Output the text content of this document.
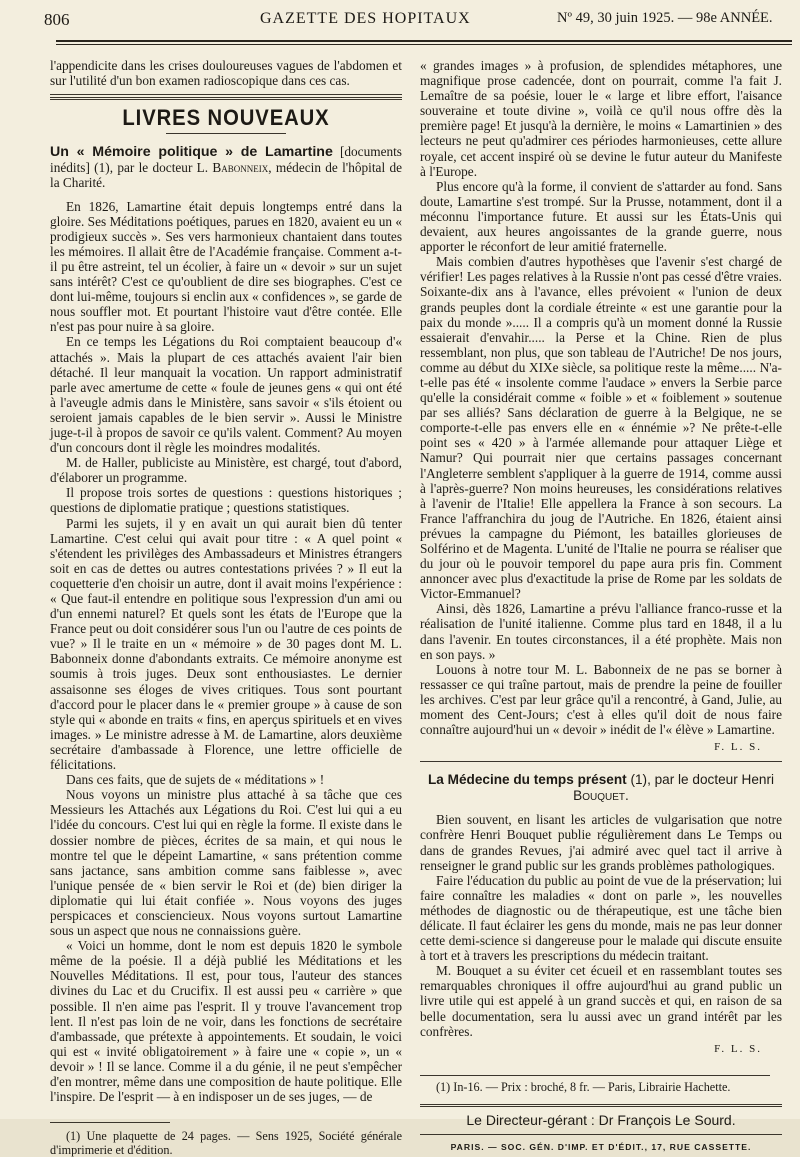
806	GAZETTE DES HOPITAUX	Nº 49, 30 juin 1925. — 98e ANNÉE.

l'appendicite dans les crises douloureuses vagues de l'abdomen et sur l'utilité d'un bon examen radioscopique dans ces cas.

LIVRES NOUVEAUX

Un « Mémoire politique » de Lamartine [documents inédits] (1), par le docteur L. Babonneix, médecin de l'hôpital de la Charité.

En 1826, Lamartine était depuis longtemps entré dans la gloire. Ses Méditations poétiques, parues en 1820, avaient eu un « prodigieux succès ». Ses vers harmonieux chantaient dans toutes les mémoires. Il allait être de l'Académie française. Comment a-t-il pu être astreint, tel un écolier, à faire un « devoir » sur un sujet sans intérêt? C'est ce qu'oublient de dire ses biographes. C'est ce dont lui-même, toujours si enclin aux « confidences », se garde de nous souffler mot. Et pourtant l'histoire vaut d'être contée. Elle n'est pas pour nuire à sa gloire.

En ce temps les Légations du Roi comptaient beaucoup d'« attachés ». Mais la plupart de ces attachés avaient l'air bien détaché. Il leur manquait la vocation. Un rapport administratif parle avec amertume de cette « foule de jeunes gens « qui ont été à l'aveugle admis dans le Ministère, sans savoir « s'ils étoient ou seroient jamais capables de le bien servir ». Aussi le Ministre juge-t-il à propos de savoir ce qu'ils valent. Comment? Au moyen d'un concours dont il règle les moindres modalités.

M. de Haller, publiciste au Ministère, est chargé, tout d'abord, d'élaborer un programme.

Il propose trois sortes de questions : questions historiques ; questions de diplomatie pratique ; questions statistiques.

Parmi les sujets, il y en avait un qui aurait bien dû tenter Lamartine. C'est celui qui avait pour titre : « A quel point « s'étendent les privilèges des Ambassadeurs et Ministres étrangers soit en cas de dettes ou autres contestations privées ? » Il eut la coquetterie d'en choisir un autre, dont il avait moins l'expérience : « Que faut-il entendre en politique sous l'expression d'un ami ou d'un ennemi naturel? Et quels sont les états de l'Europe que la France peut ou doit considérer sous l'un ou l'autre de ces points de vue? » Il le traite en un « mémoire » de 30 pages dont M. L. Babonneix donne d'abondants extraits. Ce mémoire anonyme est soumis à trois juges. Deux sont enthousiastes. Le dernier assaisonne ses éloges de vives critiques. Tous sont pourtant d'accord pour le placer dans le « premier groupe » à cause de son style qui « abonde en traits « fins, en aperçus spirituels et en vives images. » Le ministre adresse à M. de Lamartine, alors deuxième secrétaire d'ambassade à Florence, une lettre officielle de félicitations.

Dans ces faits, que de sujets de « méditations » !

Nous voyons un ministre plus attaché à sa tâche que ces Messieurs les Attachés aux Légations du Roi. C'est lui qui a eu l'idée du concours. C'est lui qui en règle la forme. Il existe dans le dossier nombre de pièces, écrites de sa main, et qui nous le montre tel que le dépeint Lamartine, « sans prétention comme sans jactance, sans ambition comme sans faiblesse », avec l'unique pensée de « bien servir le Roi et (de) bien diriger la diplomatie qui lui était confiée ». Nous voyons des juges perspicaces et consciencieux. Nous voyons surtout Lamartine sous un aspect que nous ne connaissions guère.

« Voici un homme, dont le nom est depuis 1820 le symbole même de la poésie. Il a déjà publié les Méditations et les Nouvelles Méditations. Il est, pour tous, l'auteur des stances divines du Lac et du Crucifix. Il est aussi peu « carrière » que possible. Il n'en aime pas l'esprit. Il y trouve l'avancement trop lent. Il n'est pas loin de ne voir, dans les fonctions de secrétaire d'ambassade, que prétexte à appointements. Et soudain, le voici qui est « invité obligatoirement » à faire une « copie », un « devoir » ! Il se lance. Comme il a du génie, il ne peut s'empêcher d'en montrer, même dans une composition de haute politique. Elle l'inspire. De l'esprit — à en indisposer un de ses juges, — de

(1) Une plaquette de 24 pages. — Sens 1925, Société générale d'imprimerie et d'édition.

« grandes images » à profusion, de splendides métaphores, une magnifique prose cadencée, dont on pourrait, comme l'a fait J. Lemaître de sa poésie, louer le « large et libre effort, l'aisance souveraine et toute divine », voilà ce qu'il nous offre dès la première page! Et jusqu'à la dernière, le moins « Lamartinien » des lecteurs ne peut qu'admirer ces périodes harmonieuses, cette allure royale, cet accent inspiré où se devine le futur auteur du Manifeste à l'Europe.

Plus encore qu'à la forme, il convient de s'attarder au fond. Sans doute, Lamartine s'est trompé. Sur la Prusse, notamment, dont il a méconnu l'importance future. Et aussi sur les États-Unis qui devaient, aux heures angoissantes de la grande guerre, nous apporter le réconfort de leur amitié fraternelle.

Mais combien d'autres hypothèses que l'avenir s'est chargé de vérifier! Les pages relatives à la Russie n'ont pas cessé d'être vraies. Soixante-dix ans à l'avance, elles prévoient « l'union de deux grands peuples dont la cordiale étreinte « est une garantie pour la paix du monde »..... Il a compris qu'à un moment donné la Russie essaierait d'envahir..... la Perse et la Chine. Rien de plus ressemblant, non plus, que son tableau de l'Autriche! De nos jours, comme au début du XIXe siècle, sa politique reste la même..... N'a-t-elle pas été « insolente comme l'audace » envers la Serbie parce qu'elle la considérait comme « foible » et « foiblement » soutenue par ses alliés? Sans déclaration de guerre à la Belgique, ne se comporte-t-elle pas envers elle en « énnémie »? Ne prête-t-elle point ses « 420 » à l'armée allemande pour attaquer Liège et Namur? Qui pourrait nier que certains passages concernant l'Angleterre semblent s'appliquer à la guerre de 1914, comme aussi à l'après-guerre? Non moins heureuses, les considérations relatives à l'avenir de l'Italie! Elle appellera la France à son secours. La France l'affranchira du joug de l'Autriche. En 1826, étaient ainsi prévues la campagne du Piémont, les batailles glorieuses de Solférino et de Magenta. L'unité de l'Italie ne pourra se réaliser que du jour où le pouvoir temporel du pape aura pris fin. Comment annoncer avec plus d'exactitude la prise de Rome par les soldats de Victor-Emmanuel?

Ainsi, dès 1826, Lamartine a prévu l'alliance franco-russe et la réalisation de l'unité italienne. Comme plus tard en 1848, il a lu dans l'avenir. En toutes circonstances, il a été prophète. Mais non en son pays. »

Louons à notre tour M. L. Babonneix de ne pas se borner à ressasser ce qui traîne partout, mais de prendre la peine de fouiller les archives. C'est par leur grâce qu'il a rencontré, à Gand, Julie, au moment des Cent-Jours; c'est à elles qu'il doit de nous faire connaître aujourd'hui un « devoir » inédit de l'« élève » Lamartine.

F. L. S.
La Médecine du temps présent (1), par le docteur Henri Bouquet.

Bien souvent, en lisant les articles de vulgarisation que notre confrère Henri Bouquet publie régulièrement dans Le Temps ou dans de grandes Revues, j'ai admiré avec quel tact il arrive à renseigner le grand public sur les grands problèmes pathologiques.

Faire l'éducation du public au point de vue de la préservation; lui faire connaître les maladies « dont on parle », les nouvelles méthodes de diagnostic ou de thérapeutique, est une tâche bien délicate. Il faut éclairer les gens du monde, mais ne pas leur donner cette demi-science si dangereuse pour le malade qui discute ensuite à tort et à travers les prescriptions du médecin traitant.

M. Bouquet a su éviter cet écueil et en rassemblant toutes ses remarquables chroniques il offre aujourd'hui au grand public un livre utile qui est appelé à un grand succès et qui, en raison de sa belle documentation, sera lu aussi avec un grand intérêt par les confrères.

F. L. S.

(1) In-16. — Prix : broché, 8 fr. — Paris, Librairie Hachette.

Le Directeur-gérant : Dr François Le Sourd.
PARIS. — SOC. GÉN. D'IMP. ET D'ÉDIT., 17, RUE CASSETTE.
